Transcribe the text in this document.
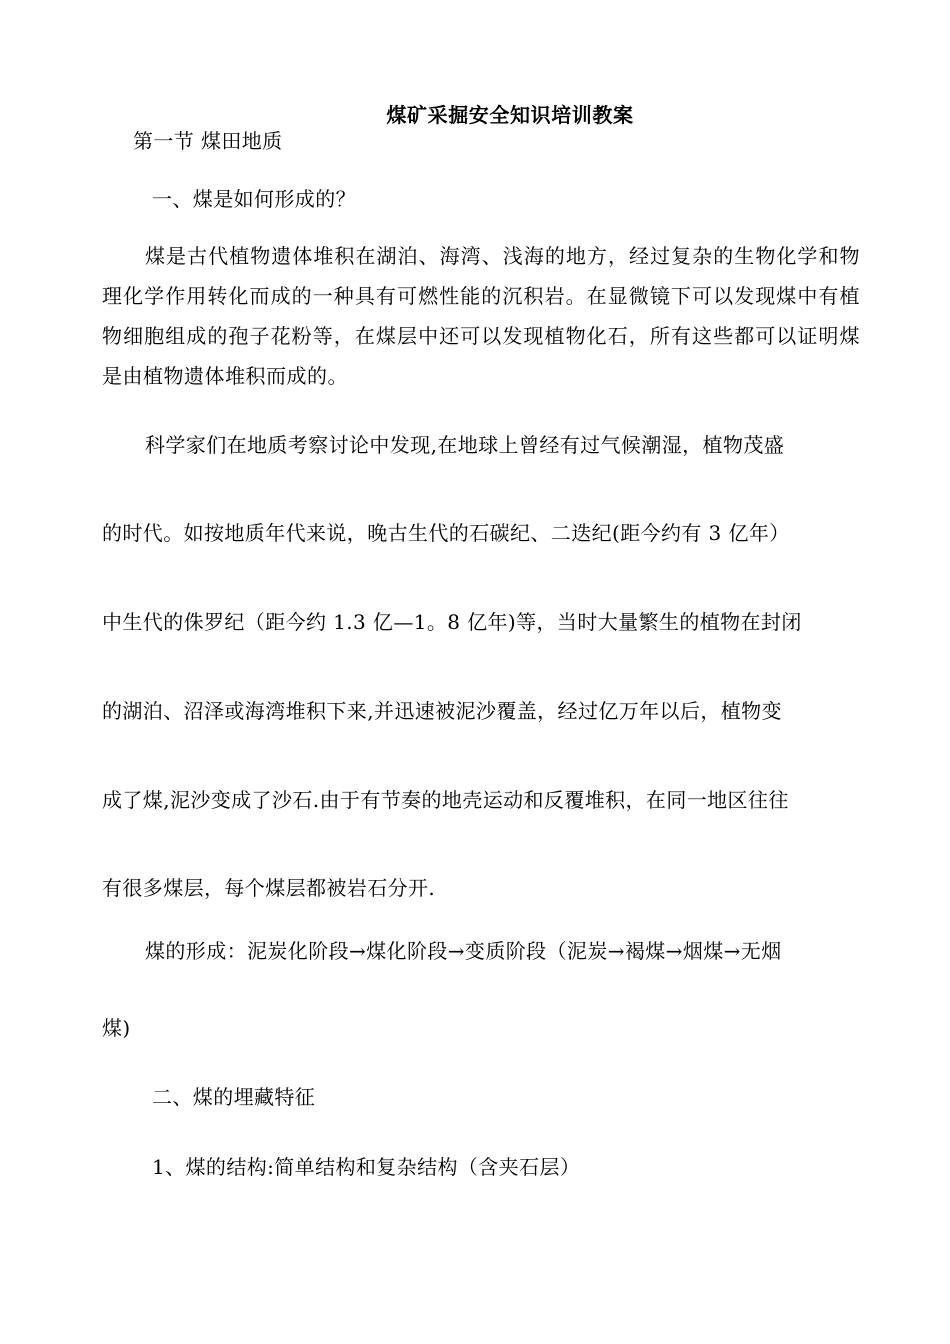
煤矿采掘安全知识培训教案
第一节 煤田地质
一、煤是如何形成的？
煤是古代植物遗体堆积在湖泊、海湾、浅海的地方，经过复杂的生物化学和物理化学作用转化而成的一种具有可燃性能的沉积岩。在显微镜下可以发现煤中有植物细胞组成的孢子花粉等，在煤层中还可以发现植物化石，所有这些都可以证明煤是由植物遗体堆积而成的。
科学家们在地质考察讨论中发现,在地球上曾经有过气候潮湿，植物茂盛
的时代。如按地质年代来说，晚古生代的石碳纪、二迭纪(距今约有 3 亿年）
中生代的侏罗纪（距今约 1.3 亿—1。8 亿年)等，当时大量繁生的植物在封闭
的湖泊、沼泽或海湾堆积下来,并迅速被泥沙覆盖，经过亿万年以后，植物变
成了煤,泥沙变成了沙石.由于有节奏的地壳运动和反覆堆积，在同一地区往往
有很多煤层，每个煤层都被岩石分开.
煤的形成：泥炭化阶段→煤化阶段→变质阶段（泥炭→褐煤→烟煤→无烟
煤)
二、煤的埋藏特征
1、煤的结构:简单结构和复杂结构（含夹石层）
